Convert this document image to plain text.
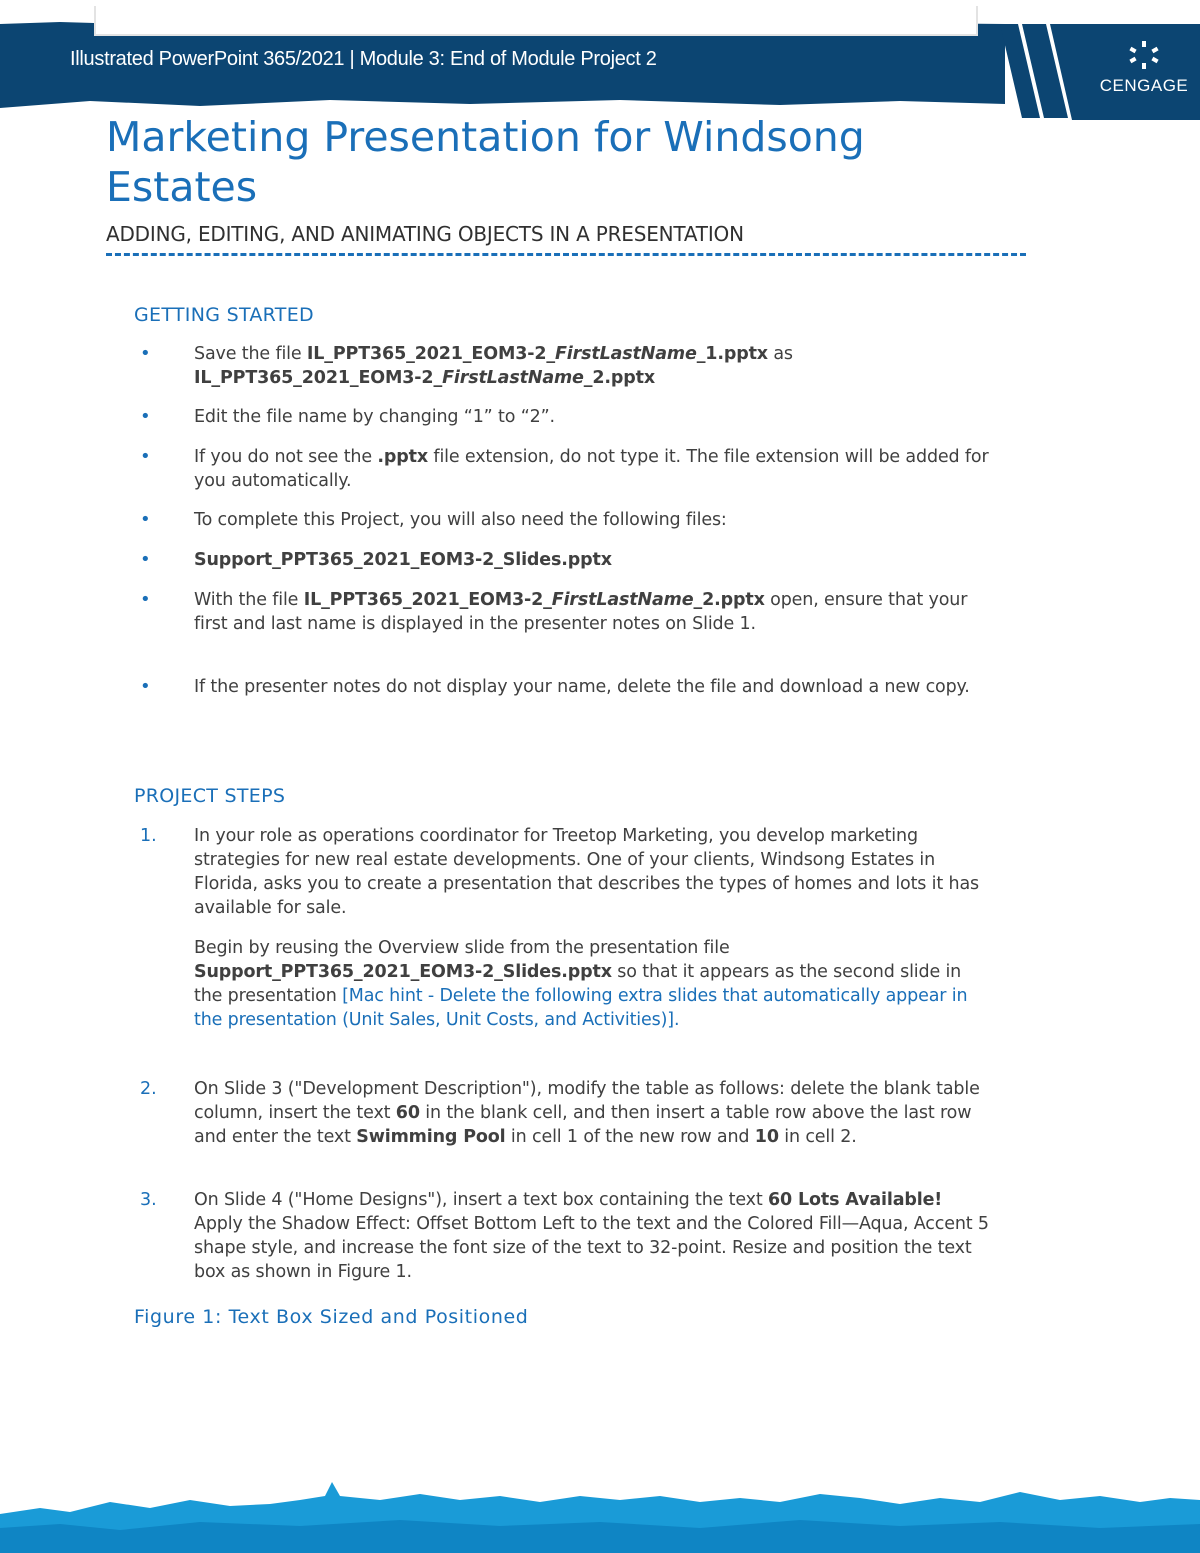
Illustrated PowerPoint 365/2021 | Module 3: End of Module Project 2
CENGAGE
Marketing Presentation for Windsong Estates
ADDING, EDITING, AND ANIMATING OBJECTS IN A PRESENTATION
GETTING STARTED
• Save the file IL_PPT365_2021_EOM3-2_FirstLastName_1.pptx as
IL_PPT365_2021_EOM3-2_FirstLastName_2.pptx
• Edit the file name by changing “1” to “2”.
• If you do not see the .pptx file extension, do not type it. The file extension will be added for you automatically.
• To complete this Project, you will also need the following files:
• Support_PPT365_2021_EOM3-2_Slides.pptx
• With the file IL_PPT365_2021_EOM3-2_FirstLastName_2.pptx open, ensure that your first and last name is displayed in the presenter notes on Slide 1.
• If the presenter notes do not display your name, delete the file and download a new copy.
PROJECT STEPS
1. In your role as operations coordinator for Treetop Marketing, you develop marketing strategies for new real estate developments. One of your clients, Windsong Estates in Florida, asks you to create a presentation that describes the types of homes and lots it has available for sale.
Begin by reusing the Overview slide from the presentation file Support_PPT365_2021_EOM3-2_Slides.pptx so that it appears as the second slide in the presentation [Mac hint - Delete the following extra slides that automatically appear in the presentation (Unit Sales, Unit Costs, and Activities)].
2. On Slide 3 ("Development Description"), modify the table as follows: delete the blank table column, insert the text 60 in the blank cell, and then insert a table row above the last row and enter the text Swimming Pool in cell 1 of the new row and 10 in cell 2.
3. On Slide 4 ("Home Designs"), insert a text box containing the text 60 Lots Available! Apply the Shadow Effect: Offset Bottom Left to the text and the Colored Fill—Aqua, Accent 5 shape style, and increase the font size of the text to 32-point. Resize and position the text box as shown in Figure 1.
Figure 1: Text Box Sized and Positioned
